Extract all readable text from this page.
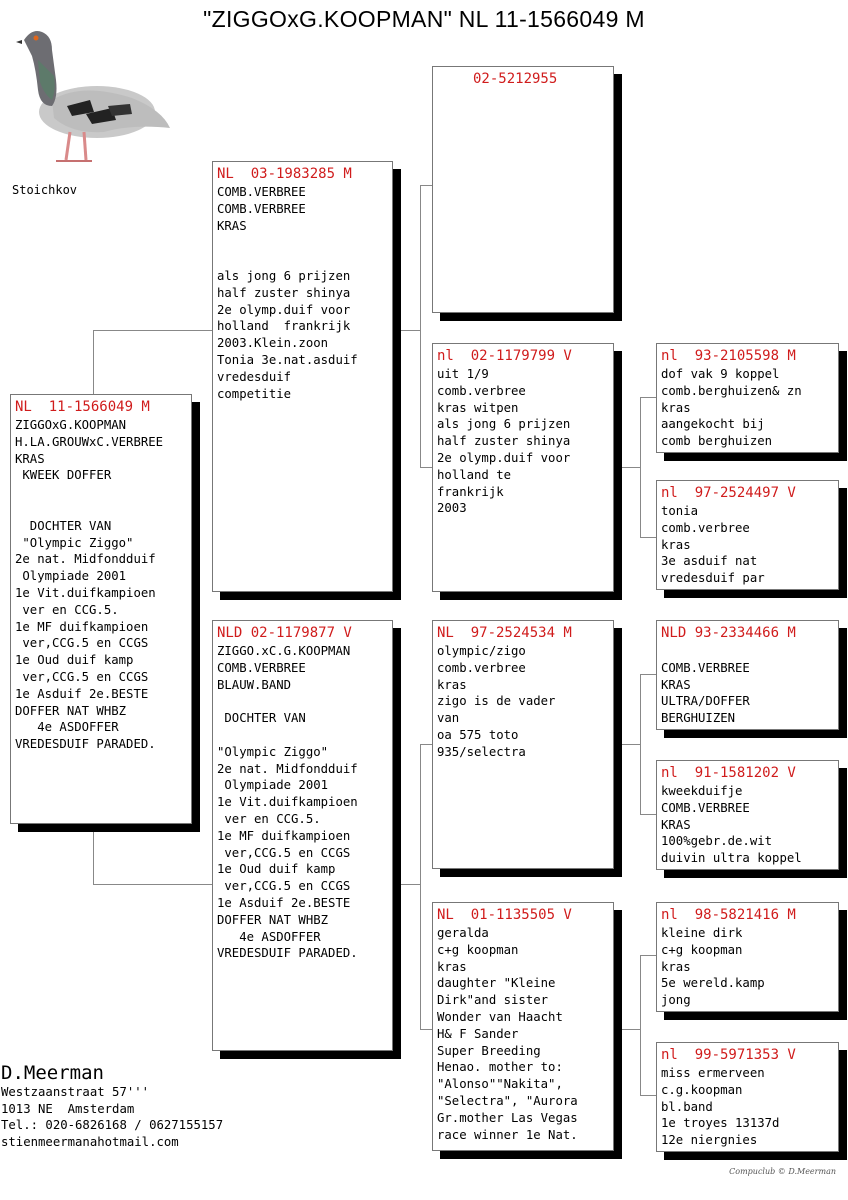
"ZIGGOxG.KOOPMAN" NL 11-1566049 M
Stoichkov
NL  11-1566049 M
ZIGGOxG.KOOPMAN
H.LA.GROUWxC.VERBREE
KRAS
KWEEK DOFFER

DOCHTER VAN
"Olympic Ziggo"
2e nat. Midfondduif
Olympiade 2001
1e Vit.duifkampioen
ver en CCG.5.
1e MF duifkampioen
ver,CCG.5 en CCGS
1e Oud duif kamp
ver,CCG.5 en CCGS
1e Asduif 2e.BESTE
DOFFER NAT WHBZ
4e ASDOFFER
VREDESDUIF PARADED.
NL  03-1983285 M
COMB.VERBREE
COMB.VERBREE
KRAS

als jong 6 prijzen
half zuster shinya
2e olymp.duif voor
holland  frankrijk
2003.Klein.zoon
Tonia 3e.nat.asduif
vredesduif
competitie
NLD 02-1179877 V
ZIGGO.xC.G.KOOPMAN
COMB.VERBREE
BLAUW.BAND

DOCHTER VAN

"Olympic Ziggo"
2e nat. Midfondduif
Olympiade 2001
1e Vit.duifkampioen
ver en CCG.5.
1e MF duifkampioen
ver,CCG.5 en CCGS
1e Oud duif kamp
ver,CCG.5 en CCGS
1e Asduif 2e.BESTE
DOFFER NAT WHBZ
4e ASDOFFER
VREDESDUIF PARADED.
02-5212955
nl  02-1179799 V
uit 1/9
comb.verbree
kras witpen
als jong 6 prijzen
half zuster shinya
2e olymp.duif voor
holland te
frankrijk
2003
NL  97-2524534 M
olympic/zigo
comb.verbree
kras
zigo is de vader
van
oa 575 toto
935/selectra
NL  01-1135505 V
geralda
c+g koopman
kras
daughter "Kleine
Dirk"and sister
Wonder van Haacht
H& F Sander
Super Breeding
Henao. mother to:
"Alonso""Nakita",
"Selectra", "Aurora
Gr.mother Las Vegas
race winner 1e Nat.
nl  93-2105598 M
dof vak 9 koppel
comb.berghuizen& zn
kras
aangekocht bij
comb berghuizen
nl  97-2524497 V
tonia
comb.verbree
kras
3e asduif nat
vredesduif par
NLD 93-2334466 M

COMB.VERBREE
KRAS
ULTRA/DOFFER
BERGHUIZEN
nl  91-1581202 V
kweekduifje
COMB.VERBREE
KRAS
100%gebr.de.wit
duivin ultra koppel
nl  98-5821416 M
kleine dirk
c+g koopman
kras
5e wereld.kamp
jong
nl  99-5971353 V
miss ermerveen
c.g.koopman
bl.band
1e troyes 13137d
12e niergnies
D.Meerman
Westzaanstraat 57'''
1013 NE  Amsterdam
Tel.: 020-6826168 / 0627155157
stienmeermanahotmail.com
Compuclub © D.Meerman
